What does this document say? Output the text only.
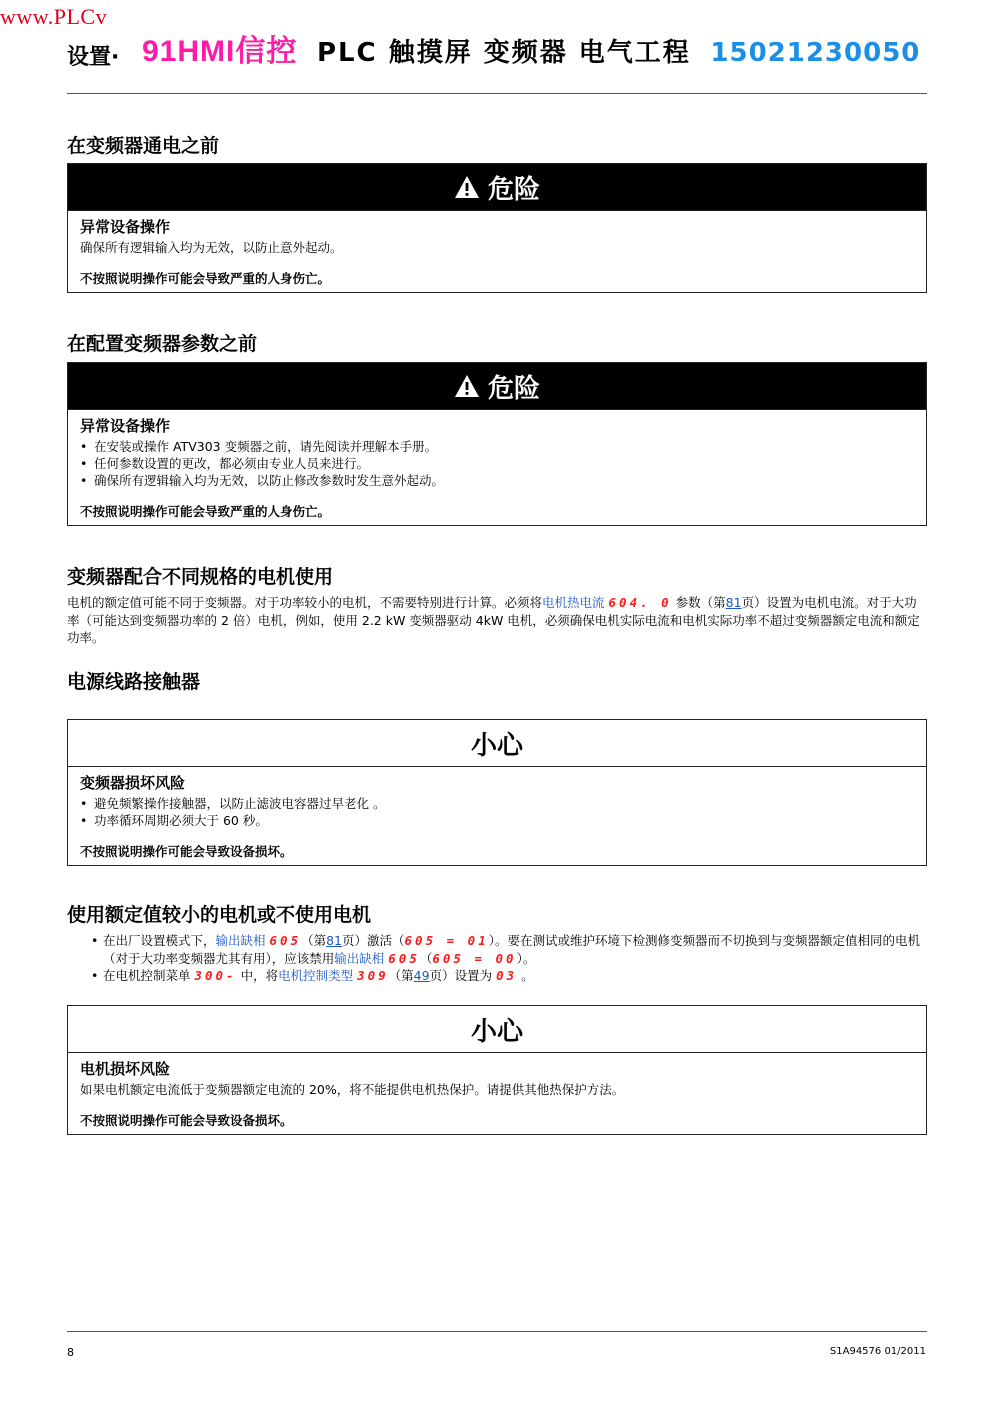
www.PLCv
设置· 91HMI信控 PLC 触摸屏 变频器 电气工程 15021230050
在变频器通电之前
危险

异常设备操作

确保所有逻辑输入均为无效，以防止意外起动。

不按照说明操作可能会导致严重的人身伤亡。

在配置变频器参数之前
危险

异常设备操作

• 在安装或操作 ATV303 变频器之前，请先阅读并理解本手册。
• 任何参数设置的更改，都必须由专业人员来进行。
• 确保所有逻辑输入均为无效，以防止修改参数时发生意外起动。

不按照说明操作可能会导致严重的人身伤亡。

变频器配合不同规格的电机使用

电机的额定值可能不同于变频器。对于功率较小的电机，不需要特别进行计算。必须将电机热电流 604. 0 参数（第81页）设置为电机电流。对于大功率（可能达到变频器功率的 2 倍）电机，例如，使用 2.2 kW 变频器驱动 4kW 电机，必须确保电机实际电流和电机实际功率不超过变频器额定电流和额定功率。

电源线路接触器
小心

变频器损坏风险

• 避免频繁操作接触器，以防止滤波电容器过早老化 。
• 功率循环周期必须大于 60 秒。

不按照说明操作可能会导致设备损坏。

使用额定值较小的电机或不使用电机
• 在出厂设置模式下，输出缺相 605（第81页）激活（605 = 01）。要在测试或维护环境下检测修变频器而不切换到与变频器额定值相同的电机（对于大功率变频器尤其有用），应该禁用输出缺相 605（605 = 00）。
• 在电机控制菜单 300- 中，将电机控制类型 309（第49页）设置为 03 。
小心

电机损坏风险

如果电机额定电流低于变频器额定电流的 20%，将不能提供电机热保护。请提供其他热保护方法。

不按照说明操作可能会导致设备损坏。

8	S1A94576 01/2011
